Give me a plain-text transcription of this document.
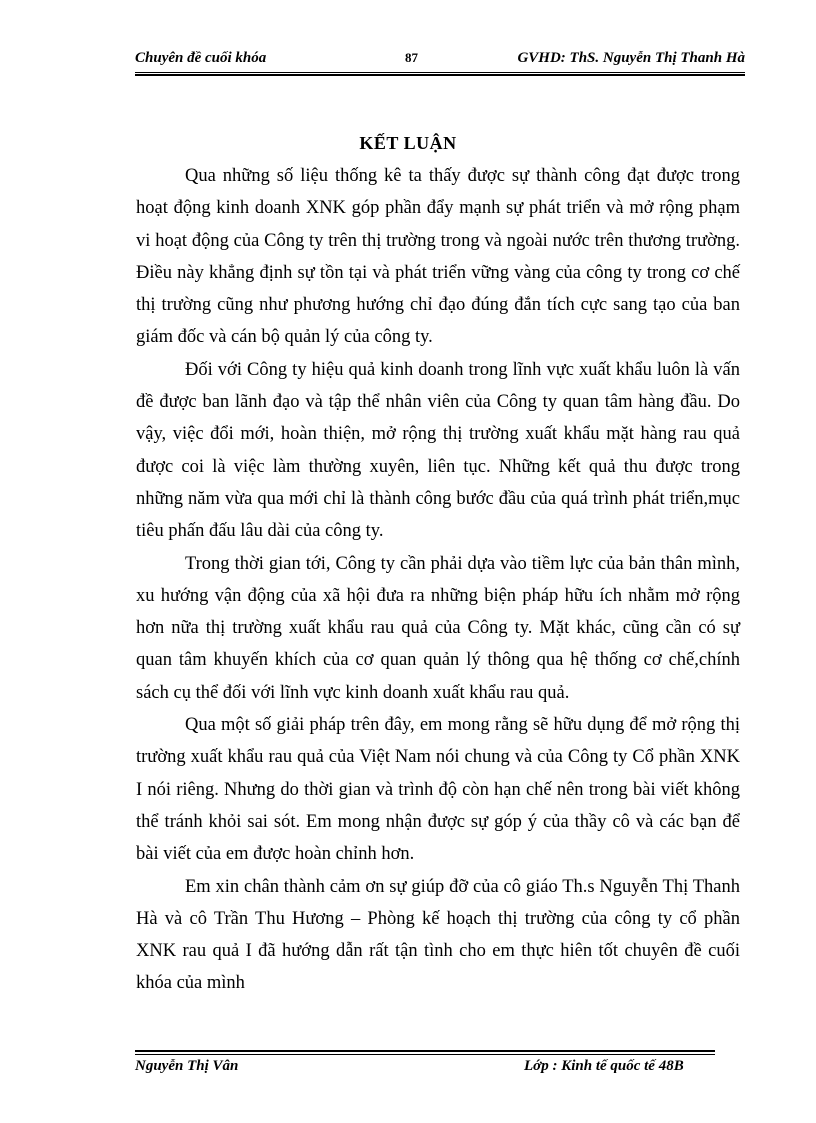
Chuyên đề cuối khóa	87	GVHD: ThS. Nguyễn Thị Thanh Hà
KẾT LUẬN

Qua những số liệu thống kê ta thấy được sự thành công đạt được trong hoạt động kinh doanh XNK góp phần đẩy mạnh sự phát triển và mở rộng phạm vi hoạt động của Công ty trên thị trường trong và ngoài nước trên thương trường. Điều này khẳng định sự tồn tại và phát triển vững vàng của công ty trong cơ chế thị trường cũng như phương hướng chỉ đạo đúng đắn tích cực sang tạo của ban giám đốc và cán bộ quản lý của công ty.

Đối với Công ty hiệu quả kinh doanh trong lĩnh vực xuất khẩu luôn là vấn đề được ban lãnh đạo và tập thể nhân viên của Công ty quan tâm hàng đầu. Do vậy, việc đổi mới, hoàn thiện, mở rộng thị trường xuất khẩu mặt hàng rau quả được coi là việc làm thường xuyên, liên tục. Những kết quả thu được trong những năm vừa qua mới chỉ là thành công bước đầu của quá trình phát triển,mục tiêu phấn đấu lâu dài của công ty.

Trong thời gian tới, Công ty cần phải dựa vào tiềm lực của bản thân mình, xu hướng vận động của xã hội đưa ra những biện pháp hữu ích nhằm mở rộng hơn nữa thị trường xuất khẩu rau quả của Công ty. Mặt khác, cũng cần có sự quan tâm khuyến khích của cơ quan quản lý thông qua hệ thống cơ chế,chính sách cụ thể đối với lĩnh vực kinh doanh xuất khẩu rau quả.

Qua một số giải pháp trên đây, em mong rằng sẽ hữu dụng để mở rộng thị trường xuất khẩu rau quả của Việt Nam nói chung và của Công ty Cổ phần XNK I nói riêng. Nhưng do thời gian và trình độ còn hạn chế nên trong bài viết không thể tránh khỏi sai sót. Em mong nhận được sự góp ý của thầy cô và các bạn để bài viết của em được hoàn chỉnh hơn.

Em xin chân thành cảm ơn sự giúp đỡ của cô giáo Th.s Nguyễn Thị Thanh Hà và cô Trần Thu Hương – Phòng kế hoạch thị trường của công ty cổ phần XNK rau quả I đã hướng dẫn rất tận tình cho em thực hiên tốt chuyên đề cuối khóa của mình

Nguyễn Thị Vân	Lớp : Kinh tế quốc tế 48B
